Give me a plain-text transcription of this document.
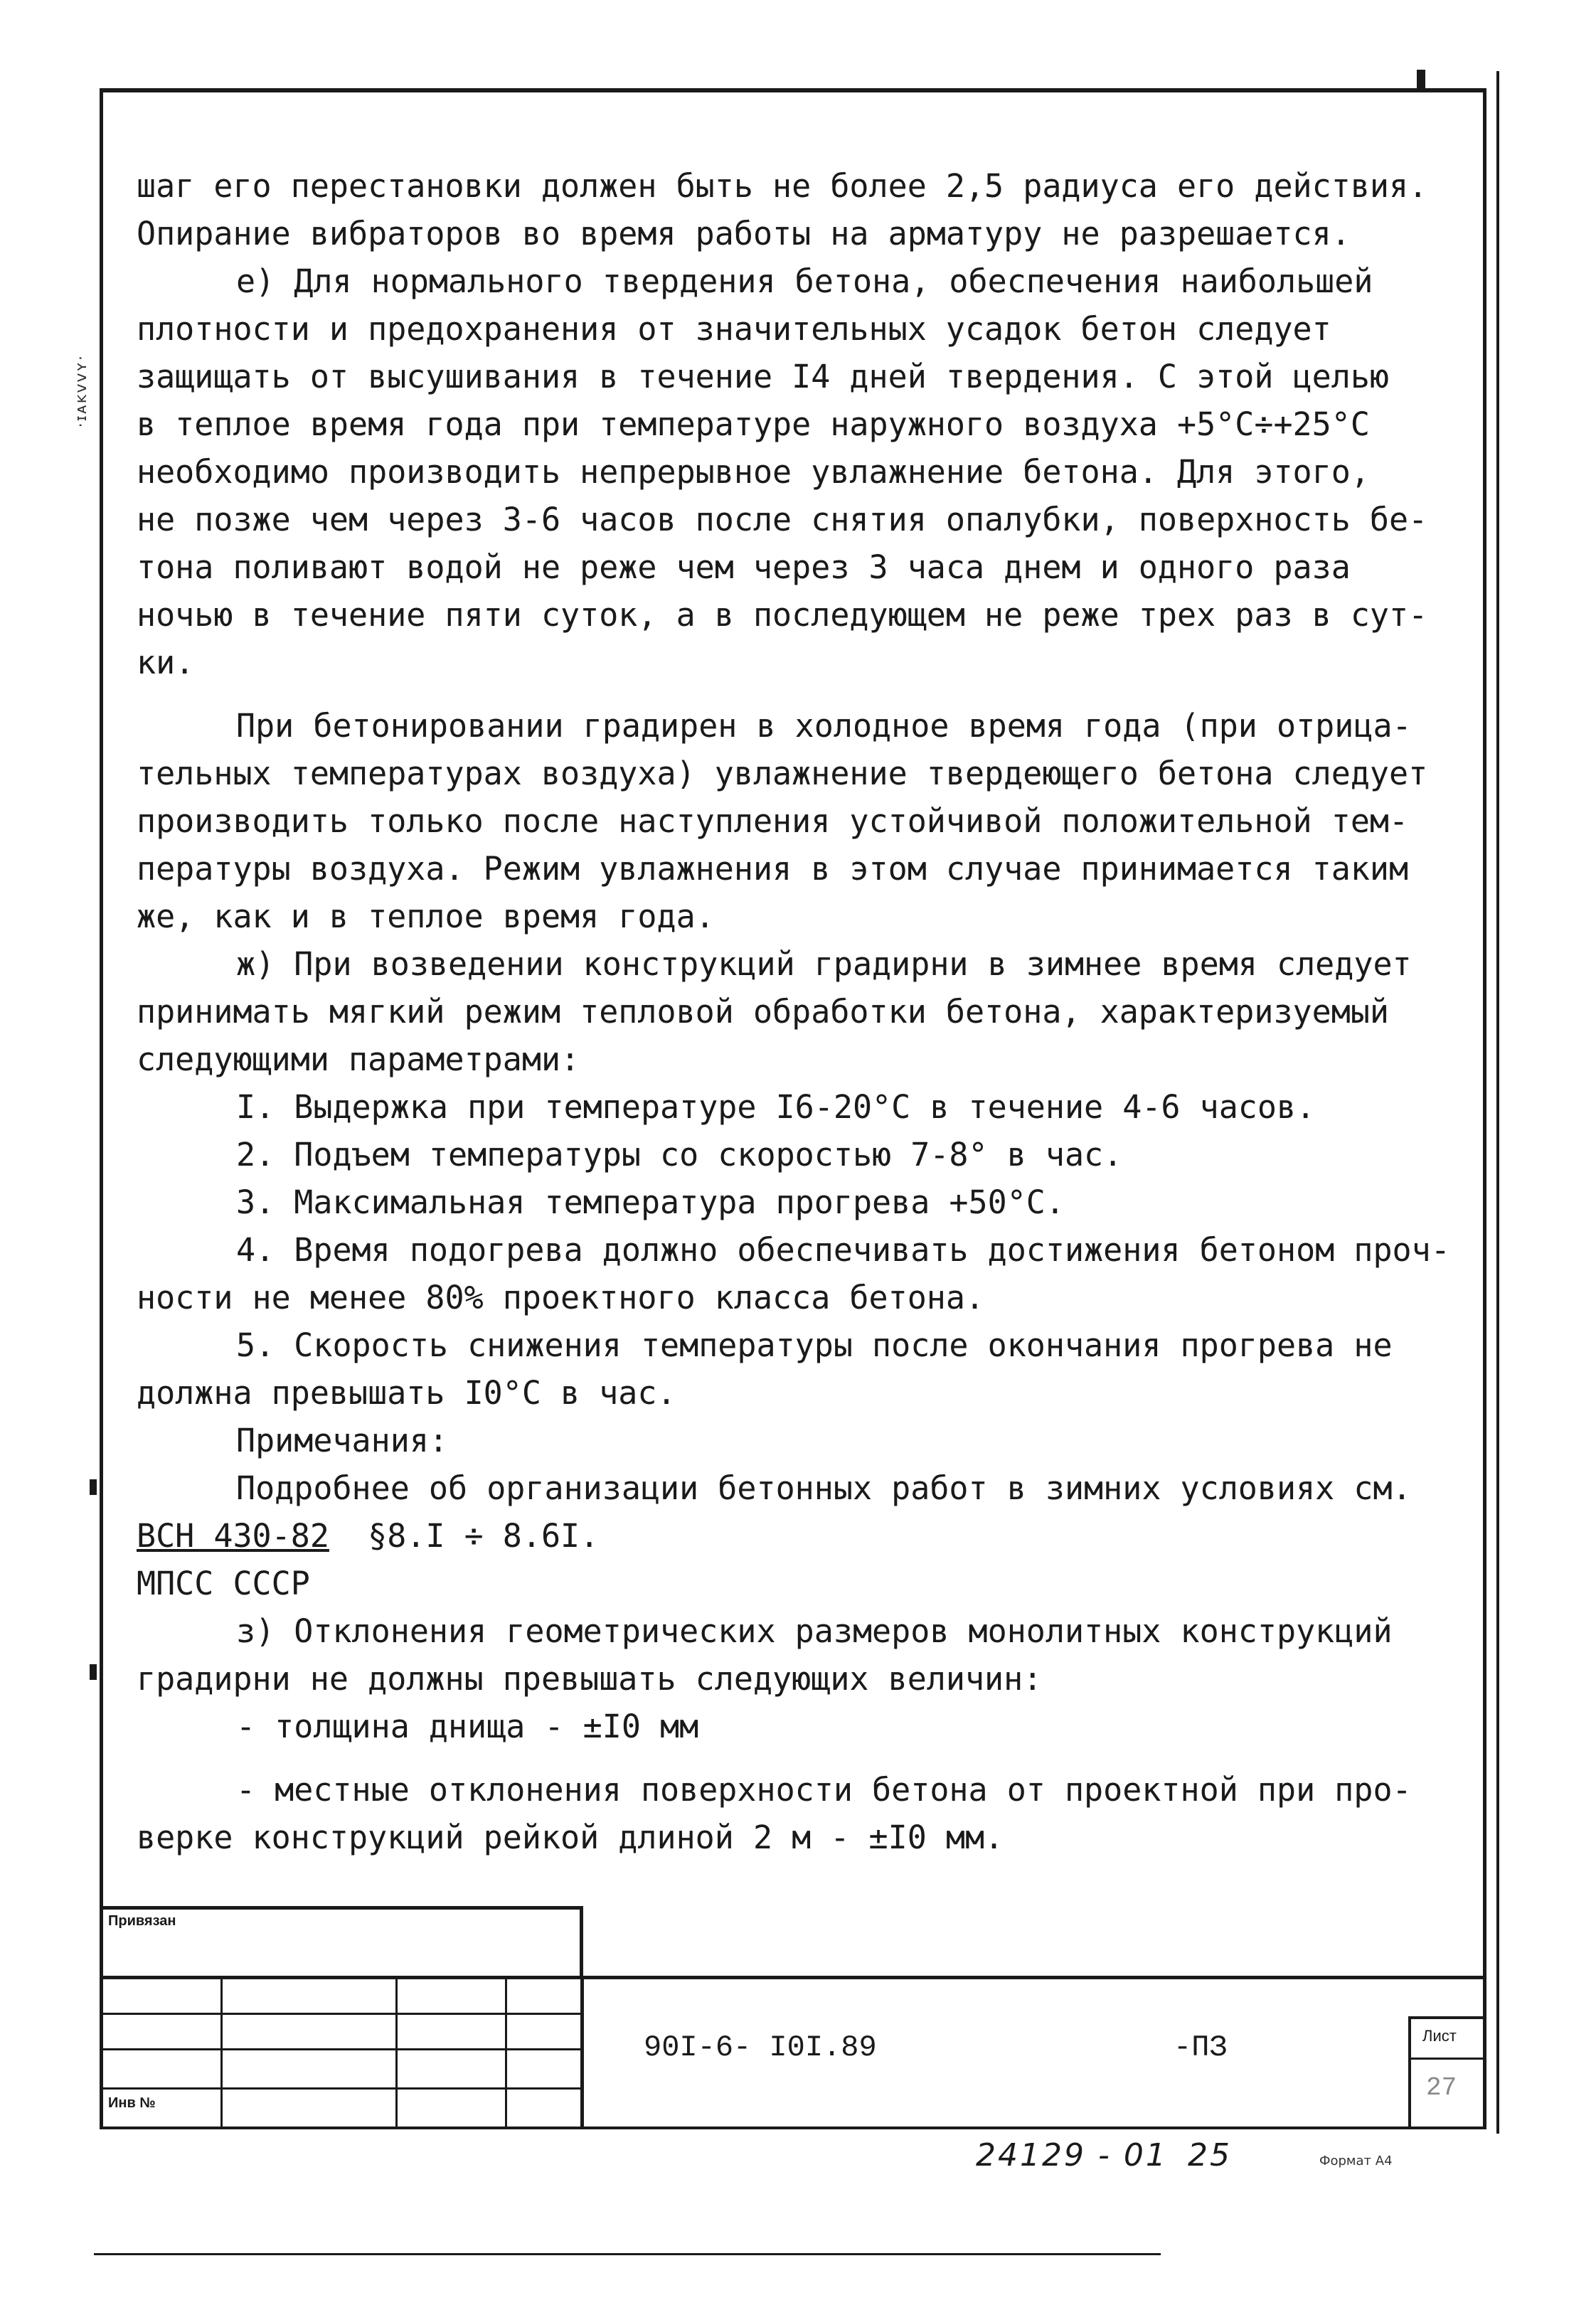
·ɪᴀᴋᴠᴠʏ·

шаг его перестановки должен быть не более 2,5 радиуса его действия.

Опирание вибраторов во время работы на арматуру не разрешается.

е) Для нормального твердения бетона, обеспечения наибольшей

плотности и предохранения от значительных усадок бетон следует

защищать от высушивания в течение I4 дней твердения. С этой целью

в теплое время года при температуре наружного воздуха +5°С÷+25°С

необходимо производить непрерывное увлажнение бетона. Для этого,

не позже чем через 3-6 часов после снятия опалубки, поверхность бе-

тона поливают водой не реже чем через 3 часа днем и одного раза

ночью в течение пяти суток, а в последующем не реже трех раз в сут-

ки.

При бетонировании градирен в холодное время года (при отрица-

тельных температурах воздуха) увлажнение твердеющего бетона следует

производить только после наступления устойчивой положительной тем-

пературы воздуха. Режим увлажнения в этом случае принимается таким

же, как и в теплое время года.

ж) При возведении конструкций градирни в зимнее время следует

принимать мягкий режим тепловой обработки бетона, характеризуемый

следующими параметрами:

I. Выдержка при температуре I6-20°С в течение 4-6 часов.

2. Подъем температуры со скоростью 7-8° в час.

3. Максимальная температура прогрева +50°С.

4. Время подогрева должно обеспечивать достижения бетоном проч-

ности не менее 80% проектного класса бетона.

5. Скорость снижения температуры после окончания прогрева не

должна превышать I0°С в час.

Примечания:

Подробнее об организации бетонных работ в зимних условиях см.

ВСН 430-82 §8.I ÷ 8.6I.

МПСС СССР

з) Отклонения геометрических размеров монолитных конструкций

градирни не должны превышать следующих величин:

- толщина днища - ±I0 мм

- местные отклонения поверхности бетона от проектной при про-

верке конструкций рейкой длиной 2 м - ±I0 мм.

Привязан
Инв №
90I-6- I0I.89	-ПЗ	Лист
27
24129 - 01 25	Формат А4
